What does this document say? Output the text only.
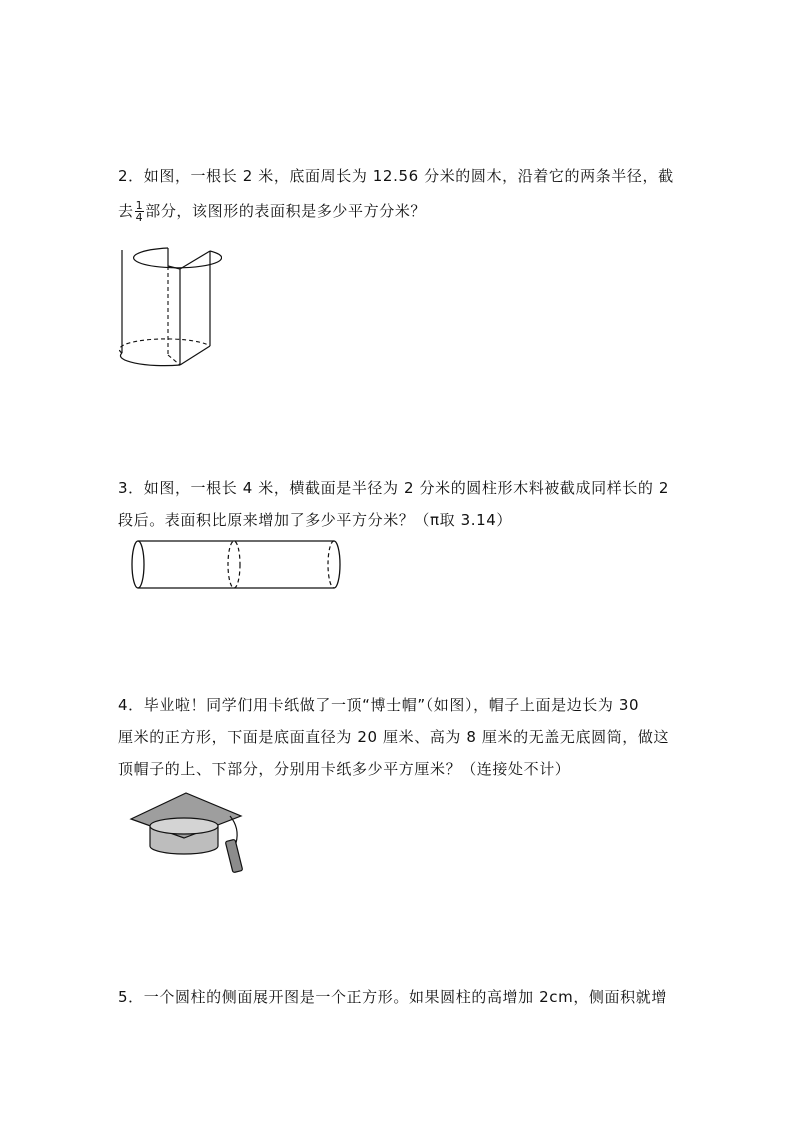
2．如图，一根长 2 米，底面周长为 12.56 分米的圆木，沿着它的两条半径，截
去 $\frac{1}{4}$ 部分，该图形的表面积是多少平方分米？
3．如图，一根长 4 米，横截面是半径为 2 分米的圆柱形木料被截成同样长的 2
段后。表面积比原来增加了多少平方分米？（π取 3.14）
4．毕业啦！同学们用卡纸做了一顶“博士帽”（如图），帽子上面是边长为 30
厘米的正方形，下面是底面直径为 20 厘米、高为 8 厘米的无盖无底圆筒，做这
顶帽子的上、下部分，分别用卡纸多少平方厘米？（连接处不计）
5．一个圆柱的侧面展开图是一个正方形。如果圆柱的高增加 2cm，侧面积就增
